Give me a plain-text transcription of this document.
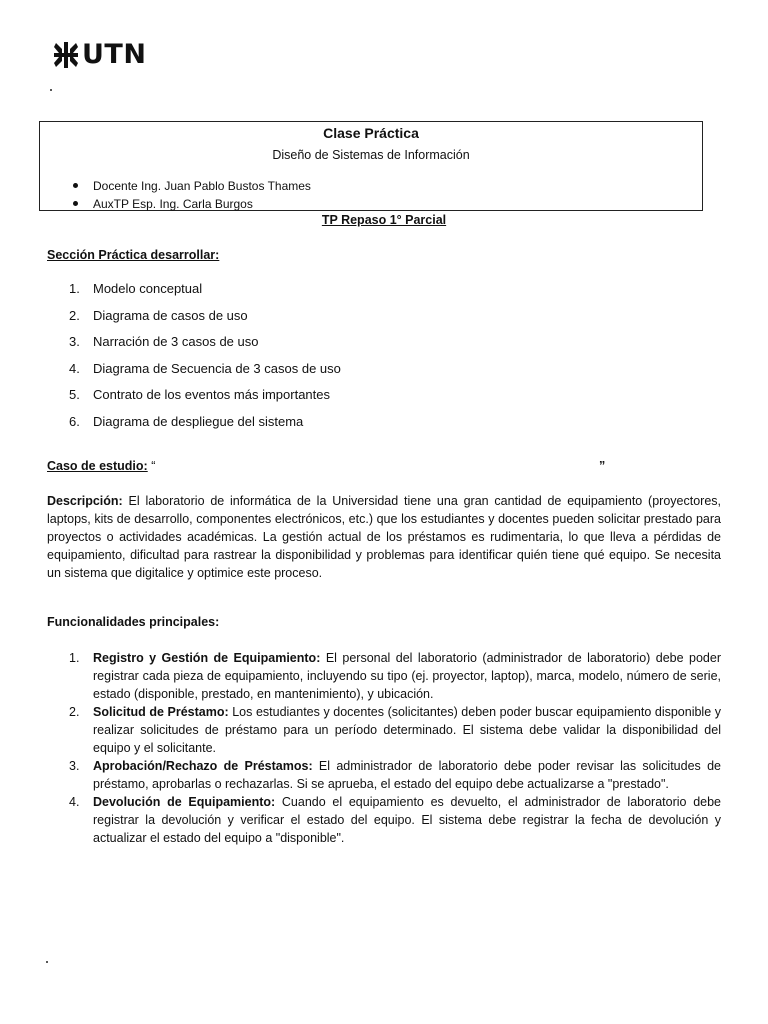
UTN
Clase Práctica
Diseño de Sistemas de Información
Docente Ing. Juan Pablo Bustos Thames
AuxTP Esp. Ing. Carla Burgos
TP Repaso 1° Parcial
Sección Práctica desarrollar:
1. Modelo conceptual
2. Diagrama de casos de uso
3. Narración de 3 casos de uso
4. Diagrama de Secuencia de 3 casos de uso
5. Contrato de los eventos más importantes
6. Diagrama de despliegue del sistema
Caso de estudio: “	”

Descripción: El laboratorio de informática de la Universidad tiene una gran cantidad de equipamiento (proyectores, laptops, kits de desarrollo, componentes electrónicos, etc.) que los estudiantes y docentes pueden solicitar prestado para proyectos o actividades académicas. La gestión actual de los préstamos es rudimentaria, lo que lleva a pérdidas de equipamiento, dificultad para rastrear la disponibilidad y problemas para identificar quién tiene qué equipo. Se necesita un sistema que digitalice y optimice este proceso.

Funcionalidades principales:
1. Registro y Gestión de Equipamiento: El personal del laboratorio (administrador de laboratorio) debe poder registrar cada pieza de equipamiento, incluyendo su tipo (ej. proyector, laptop), marca, modelo, número de serie, estado (disponible, prestado, en mantenimiento), y ubicación.
2. Solicitud de Préstamo: Los estudiantes y docentes (solicitantes) deben poder buscar equipamiento disponible y realizar solicitudes de préstamo para un período determinado. El sistema debe validar la disponibilidad del equipo y el solicitante.
3. Aprobación/Rechazo de Préstamos: El administrador de laboratorio debe poder revisar las solicitudes de préstamo, aprobarlas o rechazarlas. Si se aprueba, el estado del equipo debe actualizarse a "prestado".
4. Devolución de Equipamiento: Cuando el equipamiento es devuelto, el administrador de laboratorio debe registrar la devolución y verificar el estado del equipo. El sistema debe registrar la fecha de devolución y actualizar el estado del equipo a "disponible".
